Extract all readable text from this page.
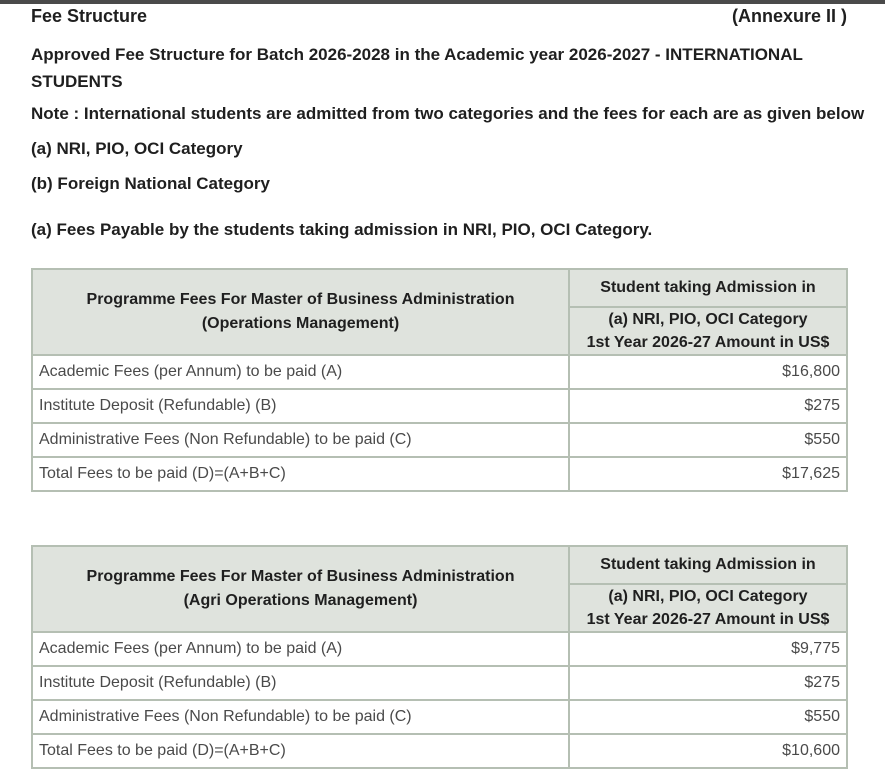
Fee Structure	(Annexure II )
Approved Fee Structure for Batch 2026-2028 in the Academic year 2026-2027 - INTERNATIONAL STUDENTS
Note : International students are admitted from two categories and the fees for each are as given below
(a) NRI, PIO, OCI Category
(b) Foreign National Category
(a) Fees Payable by the students taking admission in NRI, PIO, OCI Category.
Programme Fees For Master of Business Administration
(Operations Management)	Student taking Admission in

	(a) NRI, PIO, OCI Category
1st Year 2026-27 Amount in US$

Academic Fees (per Annum) to be paid (A)	$16,800
Institute Deposit (Refundable) (B)	$275
Administrative Fees (Non Refundable) to be paid (C)	$550
Total Fees to be paid (D)=(A+B+C)	$17,625
Programme Fees For Master of Business Administration
(Agri Operations Management)	Student taking Admission in

	(a) NRI, PIO, OCI Category
1st Year 2026-27 Amount in US$

Academic Fees (per Annum) to be paid (A)	$9,775
Institute Deposit (Refundable) (B)	$275
Administrative Fees (Non Refundable) to be paid (C)	$550
Total Fees to be paid (D)=(A+B+C)	$10,600
